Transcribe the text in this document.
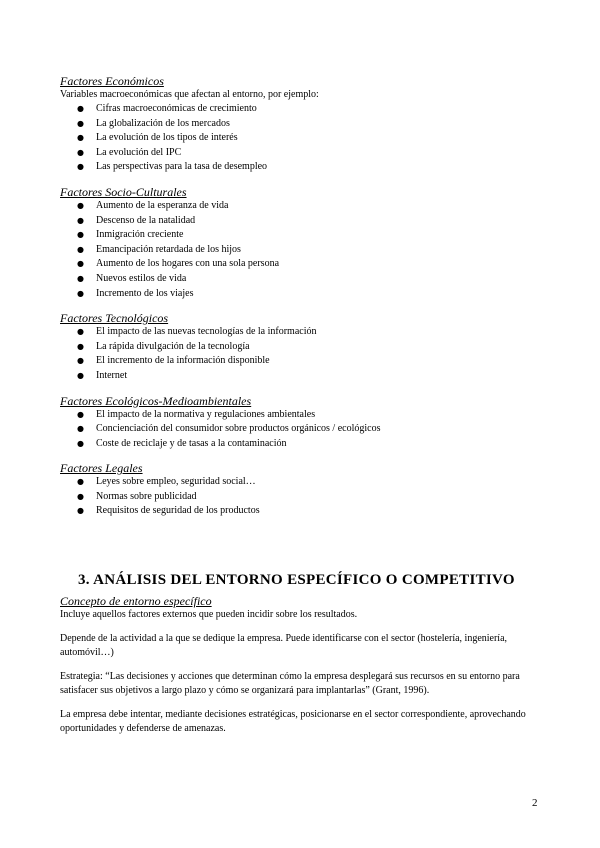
Factores Económicos

Variables macroeconómicas que afectan al entorno, por ejemplo:

● Cifras macroeconómicas de crecimiento
● La globalización de los mercados
● La evolución de los tipos de interés
● La evolución del IPC
● Las perspectivas para la tasa de desempleo
Factores Socio-Culturales
● Aumento de la esperanza de vida
● Descenso de la natalidad
● Inmigración creciente
● Emancipación retardada de los hijos
● Aumento de los hogares con una sola persona
● Nuevos estilos de vida
● Incremento de los viajes
Factores Tecnológicos
● El impacto de las nuevas tecnologías de la información
● La rápida divulgación de la tecnología
● El incremento de la información disponible
● Internet
Factores Ecológicos-Medioambientales
● El impacto de la normativa y regulaciones ambientales
● Concienciación del consumidor sobre productos orgánicos / ecológicos
● Coste de reciclaje y de tasas a la contaminación
Factores Legales
● Leyes sobre empleo, seguridad social…
● Normas sobre publicidad
● Requisitos de seguridad de los productos
3. ANÁLISIS DEL ENTORNO ESPECÍFICO O COMPETITIVO
Concepto de entorno específico

Incluye aquellos factores externos que pueden incidir sobre los resultados.

Depende de la actividad a la que se dedique la empresa. Puede identificarse con el sector (hostelería, ingeniería, automóvil…)

Estrategia: “Las decisiones y acciones que determinan cómo la empresa desplegará sus recursos en su entorno para satisfacer sus objetivos a largo plazo y cómo se organizará para implantarlas” (Grant, 1996).

La empresa debe intentar, mediante decisiones estratégicas, posicionarse en el sector correspondiente, aprovechando oportunidades y defenderse de amenazas.

2
